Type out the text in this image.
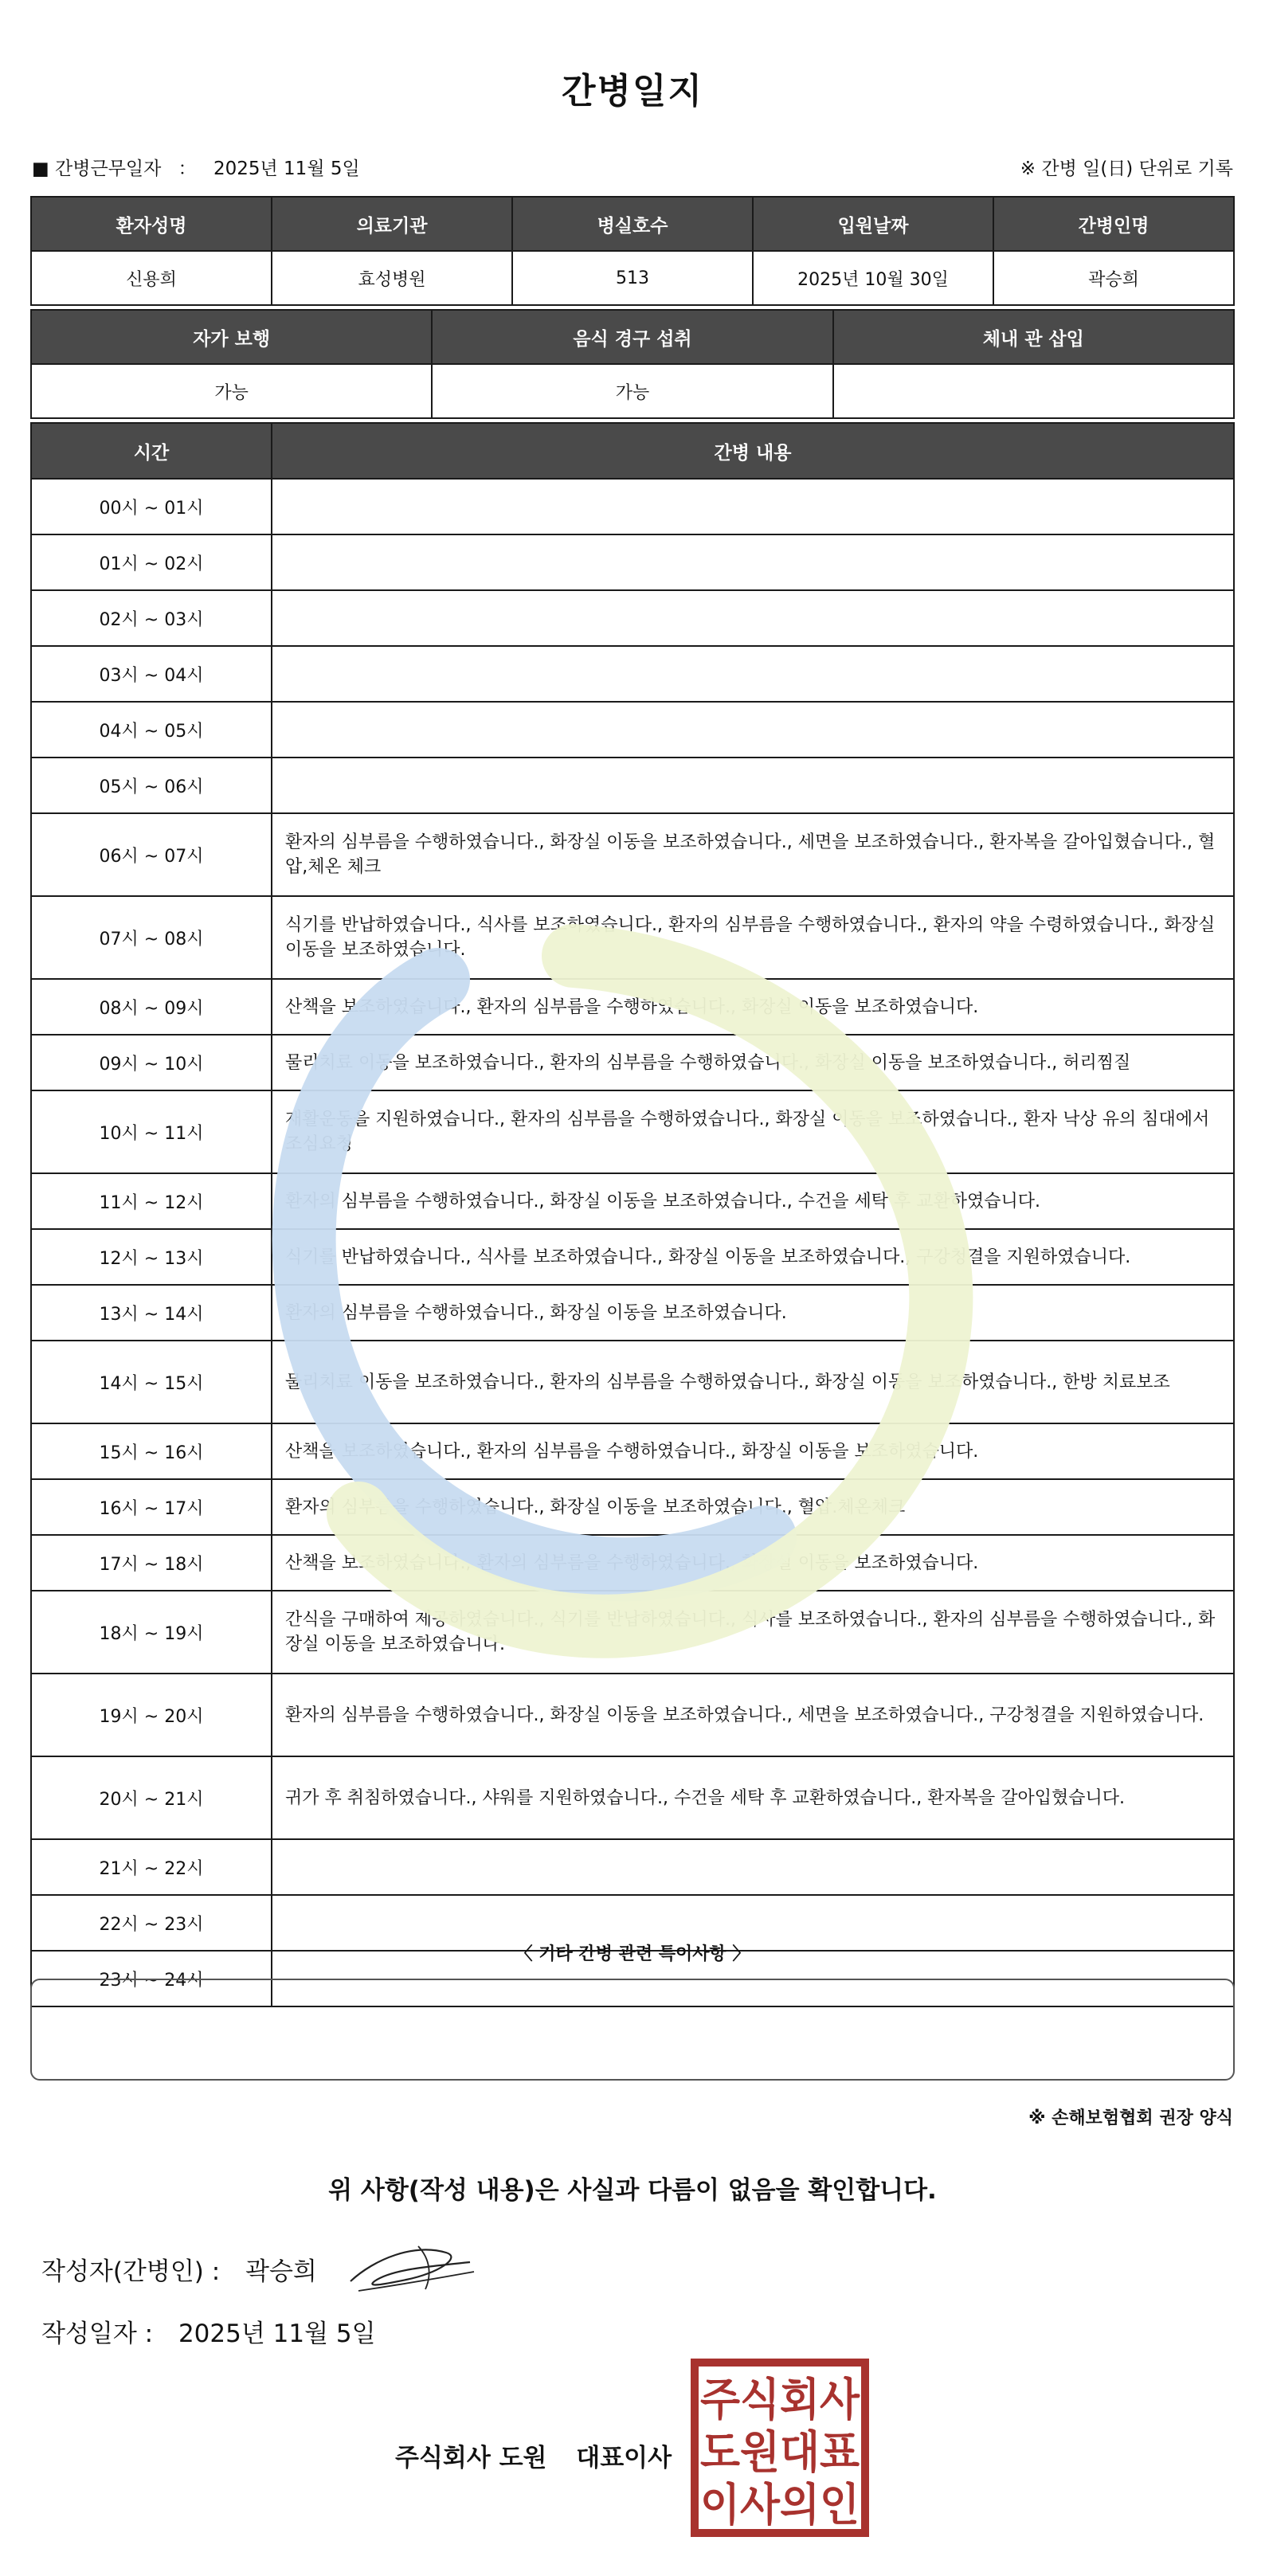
간병일지
■ 간병근무일자 ： 2025년 11월 5일	※ 간병 일(日) 단위로 기록
환자성명	의료기관	병실호수	입원날짜	간병인명
신용희	효성병원	513	2025년 10월 30일	곽승희
자가 보행	음식 경구 섭취	체내 관 삽입
가능	가능	
시간	간병 내용
00시 ~ 01시	
01시 ~ 02시	
02시 ~ 03시	
03시 ~ 04시	
04시 ~ 05시	
05시 ~ 06시	
06시 ~ 07시	환자의 심부름을 수행하였습니다., 화장실 이동을 보조하였습니다., 세면을 보조하였습니다., 환자복을 갈아입혔습니다., 혈압,체온 체크
07시 ~ 08시	식기를 반납하였습니다., 식사를 보조하였습니다., 환자의 심부름을 수행하였습니다., 환자의 약을 수령하였습니다., 화장실 이동을 보조하였습니다.
08시 ~ 09시	산책을 보조하였습니다., 환자의 심부름을 수행하였습니다., 화장실 이동을 보조하였습니다.
09시 ~ 10시	물리치료 이동을 보조하였습니다., 환자의 심부름을 수행하였습니다., 화장실 이동을 보조하였습니다., 허리찜질
10시 ~ 11시	재활운동을 지원하였습니다., 환자의 심부름을 수행하였습니다., 화장실 이동을 보조하였습니다., 환자 낙상 유의 침대에서 조심요청
11시 ~ 12시	환자의 심부름을 수행하였습니다., 화장실 이동을 보조하였습니다., 수건을 세탁 후 교환하였습니다.
12시 ~ 13시	식기를 반납하였습니다., 식사를 보조하였습니다., 화장실 이동을 보조하였습니다., 구강청결을 지원하였습니다.
13시 ~ 14시	환자의 심부름을 수행하였습니다., 화장실 이동을 보조하였습니다.
14시 ~ 15시	물리치료 이동을 보조하였습니다., 환자의 심부름을 수행하였습니다., 화장실 이동을 보조하였습니다., 한방 치료보조
15시 ~ 16시	산책을 보조하였습니다., 환자의 심부름을 수행하였습니다., 화장실 이동을 보조하였습니다.
16시 ~ 17시	환자의 심부름을 수행하였습니다., 화장실 이동을 보조하였습니다., 혈압.체온체크
17시 ~ 18시	산책을 보조하였습니다., 환자의 심부름을 수행하였습니다., 화장실 이동을 보조하였습니다.
18시 ~ 19시	간식을 구매하여 제공하였습니다., 식기를 반납하였습니다., 식사를 보조하였습니다., 환자의 심부름을 수행하였습니다., 화장실 이동을 보조하였습니다.
19시 ~ 20시	환자의 심부름을 수행하였습니다., 화장실 이동을 보조하였습니다., 세면을 보조하였습니다., 구강청결을 지원하였습니다.
20시 ~ 21시	귀가 후 취침하였습니다., 샤워를 지원하였습니다., 수건을 세탁 후 교환하였습니다., 환자복을 갈아입혔습니다.
21시 ~ 22시	
22시 ~ 23시	
23시 ~ 24시	
〈 기타 간병 관련 특이사항 〉
※ 손해보험협회 권장 양식
위 사항(작성 내용)은 사실과 다름이 없음을 확인합니다.
작성자(간병인) : 곽승희
작성일자 : 2025년 11월 5일
주식회사 도원 대표이사
주식회사
도원대표
이사의인
